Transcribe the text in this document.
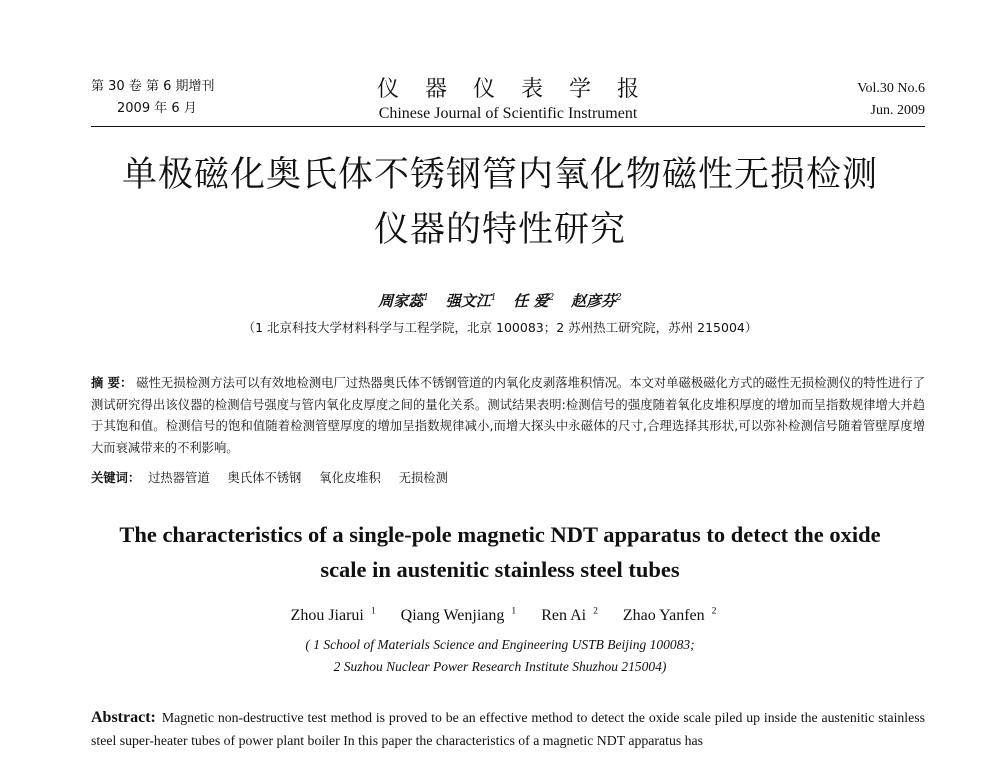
第 30 卷 第 6 期增刊
2009 年 6 月
仪器仪表学报
Chinese Journal of Scientific Instrument
Vol.30 No.6
Jun. 2009
单极磁化奥氏体不锈钢管内氧化物磁性无损检测
仪器的特性研究
周家蕊$^1$ 强文江$^1$ 任 爱$^2$ 赵彦芬$^2$
（1 北京科技大学材料科学与工程学院，北京 100083；2 苏州热工研究院，苏州 215004）
摘 要： 磁性无损检测方法可以有效地检测电厂过热器奥氏体不锈钢管道的内氧化皮剥落堆积情况。本文对单磁极磁化方式的磁性无损检测仪的特性进行了测试研究得出该仪器的检测信号强度与管内氧化皮厚度之间的量化关系。测试结果表明:检测信号的强度随着氧化皮堆积厚度的增加而呈指数规律增大并趋于其饱和值。检测信号的饱和值随着检测管壁厚度的增加呈指数规律减小,而增大探头中永磁体的尺寸,合理选择其形状,可以弥补检测信号随着管壁厚度增大而衰减带来的不利影响。
关键词： 过热器管道 奥氏体不锈钢 氧化皮堆积 无损检测
The characteristics of a single-pole magnetic NDT apparatus to detect the oxide
scale in austenitic stainless steel tubes
Zhou Jiarui $^1$ Qiang Wenjiang $^1$ Ren Ai $^2$ Zhao Yanfen $^2$
( 1 School of Materials Science and Engineering USTB Beijing 100083;
2 Suzhou Nuclear Power Research Institute Shuzhou 215004)
Abstract: Magnetic non-destructive test method is proved to be an effective method to detect the oxide scale piled up inside the austenitic stainless steel super-heater tubes of power plant boiler In this paper the characteristics of a magnetic NDT apparatus has
